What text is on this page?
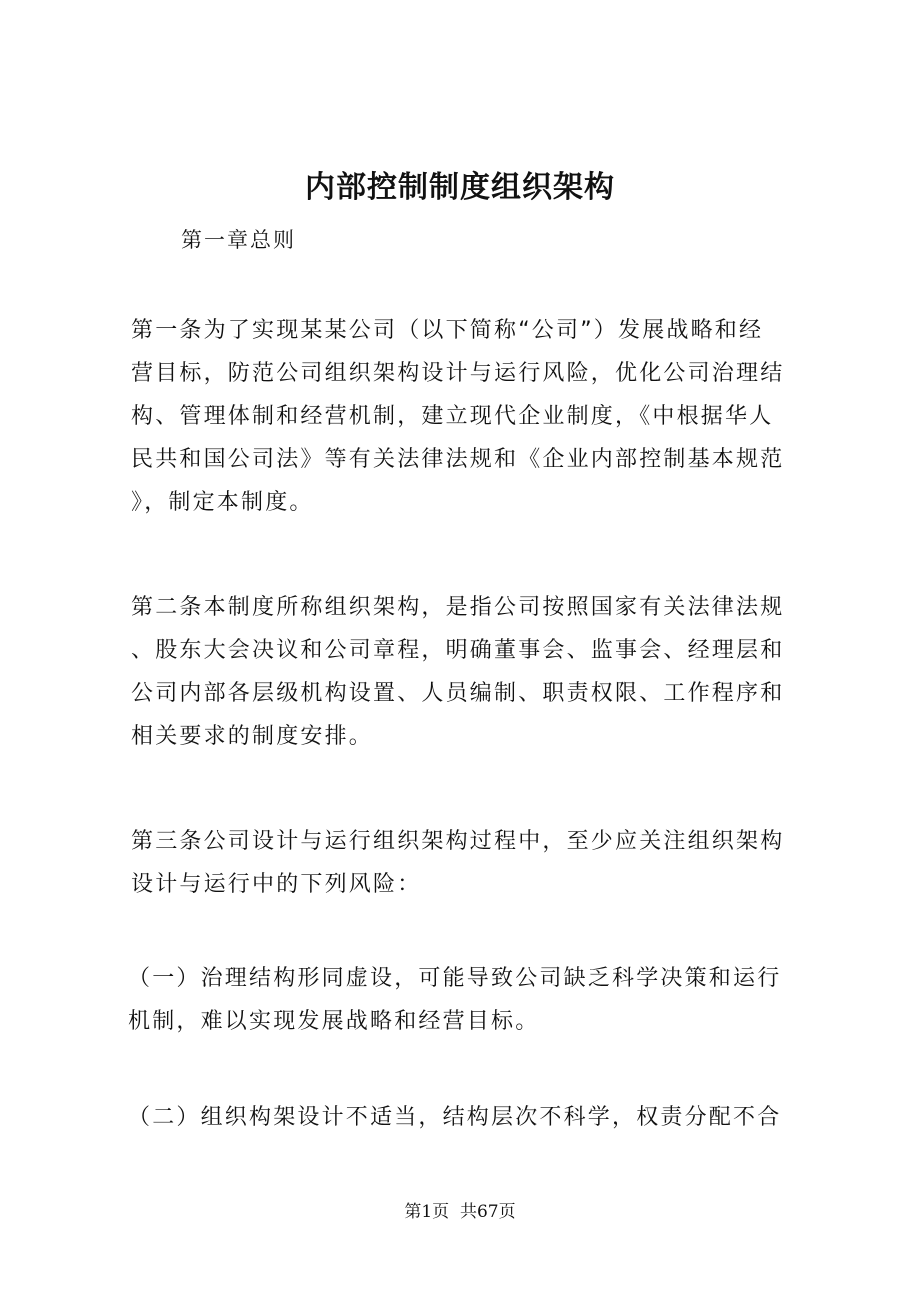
内部控制制度组织架构
第一章总则
第一条为了实现某某公司（以下简称“公司”）发展战略和经
营目标，防范公司组织架构设计与运行风险，优化公司治理结
构、管理体制和经营机制，建立现代企业制度，《中根据华人
民共和国公司法》等有关法律法规和《企业内部控制基本规范
》，制定本制度。
第二条本制度所称组织架构，是指公司按照国家有关法律法规
、股东大会决议和公司章程，明确董事会、监事会、经理层和
公司内部各层级机构设置、人员编制、职责权限、工作程序和
相关要求的制度安排。
第三条公司设计与运行组织架构过程中，至少应关注组织架构
设计与运行中的下列风险：
（一）治理结构形同虚设，可能导致公司缺乏科学决策和运行
机制，难以实现发展战略和经营目标。
（二）组织构架设计不适当，结构层次不科学，权责分配不合
第1页  共67页
